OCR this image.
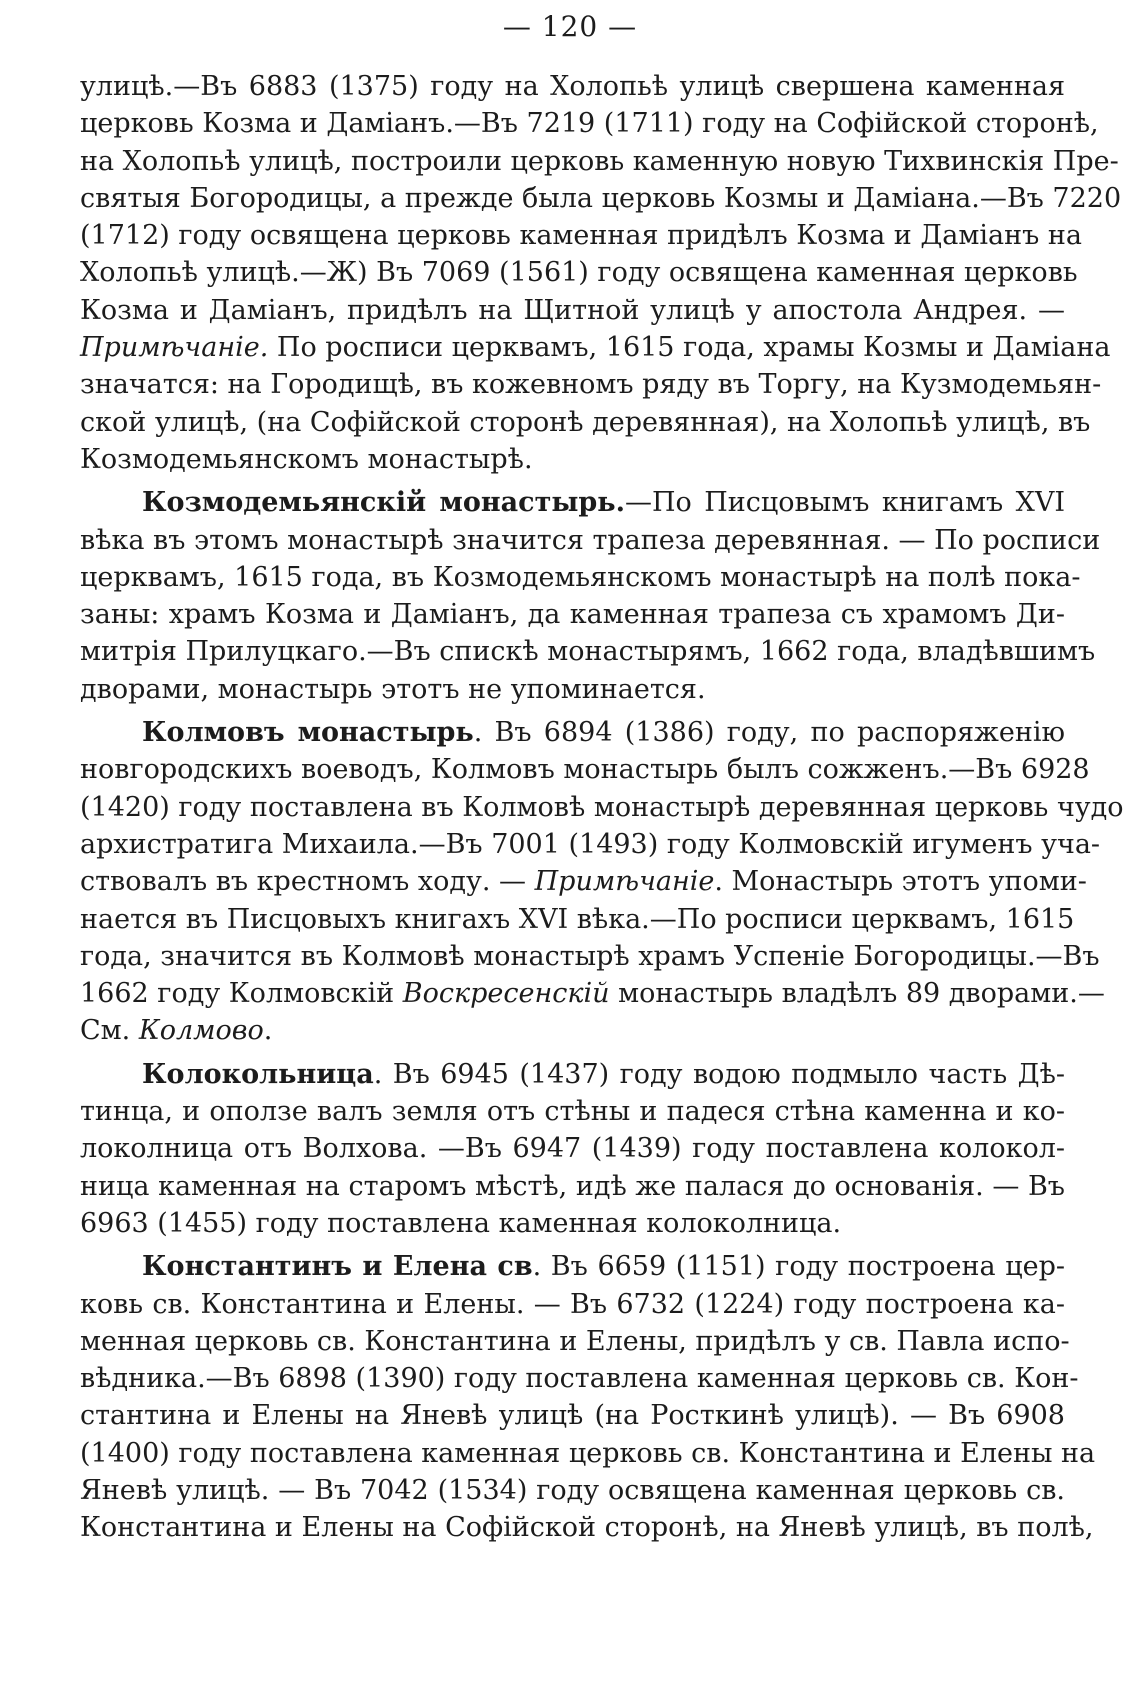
— 120 —
улицѣ.—Въ 6883 (1375) году на Холопьѣ улицѣ свершена каменная
церковь Козма и Даміанъ.—Въ 7219 (1711) году на Софійской сторонѣ,
на Холопьѣ улицѣ, построили церковь каменную новую Тихвинскія Пре-
святыя Богородицы, а прежде была церковь Козмы и Даміана.—Въ 7220
(1712) году освящена церковь каменная придѣлъ Козма и Даміанъ на
Холопьѣ улицѣ.—Ж) Въ 7069 (1561) году освящена каменная церковь
Козма и Даміанъ, придѣлъ на Щитной улицѣ у апостола Андрея. —
Примѣчаніе. По росписи церквамъ, 1615 года, храмы Козмы и Даміана
значатся: на Городищѣ, въ кожевномъ ряду въ Торгу, на Кузмодемьян-
ской улицѣ, (на Софійской сторонѣ деревянная), на Холопьѣ улицѣ, въ
Козмодемьянскомъ монастырѣ.
Козмодемьянскій монастырь.—По Писцовымъ книгамъ XVI
вѣка въ этомъ монастырѣ значится трапеза деревянная. — По росписи
церквамъ, 1615 года, въ Козмодемьянскомъ монастырѣ на полѣ пока-
заны: храмъ Козма и Даміанъ, да каменная трапеза съ храмомъ Ди-
митрія Прилуцкаго.—Въ спискѣ монастырямъ, 1662 года, владѣвшимъ
дворами, монастырь этотъ не упоминается.
Колмовъ монастырь. Въ 6894 (1386) году, по распоряженію
новгородскихъ воеводъ, Колмовъ монастырь былъ сожженъ.—Въ 6928
(1420) году поставлена въ Колмовѣ монастырѣ деревянная церковь чудо
архистратига Михаила.—Въ 7001 (1493) году Колмовскій игуменъ уча-
ствовалъ въ крестномъ ходу. — Примѣчаніе. Монастырь этотъ упоми-
нается въ Писцовыхъ книгахъ XVI вѣка.—По росписи церквамъ, 1615
года, значится въ Колмовѣ монастырѣ храмъ Успеніе Богородицы.—Въ
1662 году Колмовскій Воскресенскій монастырь владѣлъ 89 дворами.—
См. Колмово.
Колокольница. Въ 6945 (1437) году водою подмыло часть Дѣ-
тинца, и оползе валъ земля отъ стѣны и падеся стѣна каменна и ко-
локолница отъ Волхова. —Въ 6947 (1439) году поставлена колокол-
ница каменная на старомъ мѣстѣ, идѣ же палася до основанія. — Въ
6963 (1455) году поставлена каменная колоколница.
Константинъ и Елена св. Въ 6659 (1151) году построена цер-
ковь св. Константина и Елены. — Въ 6732 (1224) году построена ка-
менная церковь св. Константина и Елены, придѣлъ у св. Павла испо-
вѣдника.—Въ 6898 (1390) году поставлена каменная церковь св. Кон-
стантина и Елены на Яневѣ улицѣ (на Росткинѣ улицѣ). — Въ 6908
(1400) году поставлена каменная церковь св. Константина и Елены на
Яневѣ улицѣ. — Въ 7042 (1534) году освящена каменная церковь св.
Константина и Елены на Софійской сторонѣ, на Яневѣ улицѣ, въ полѣ,
